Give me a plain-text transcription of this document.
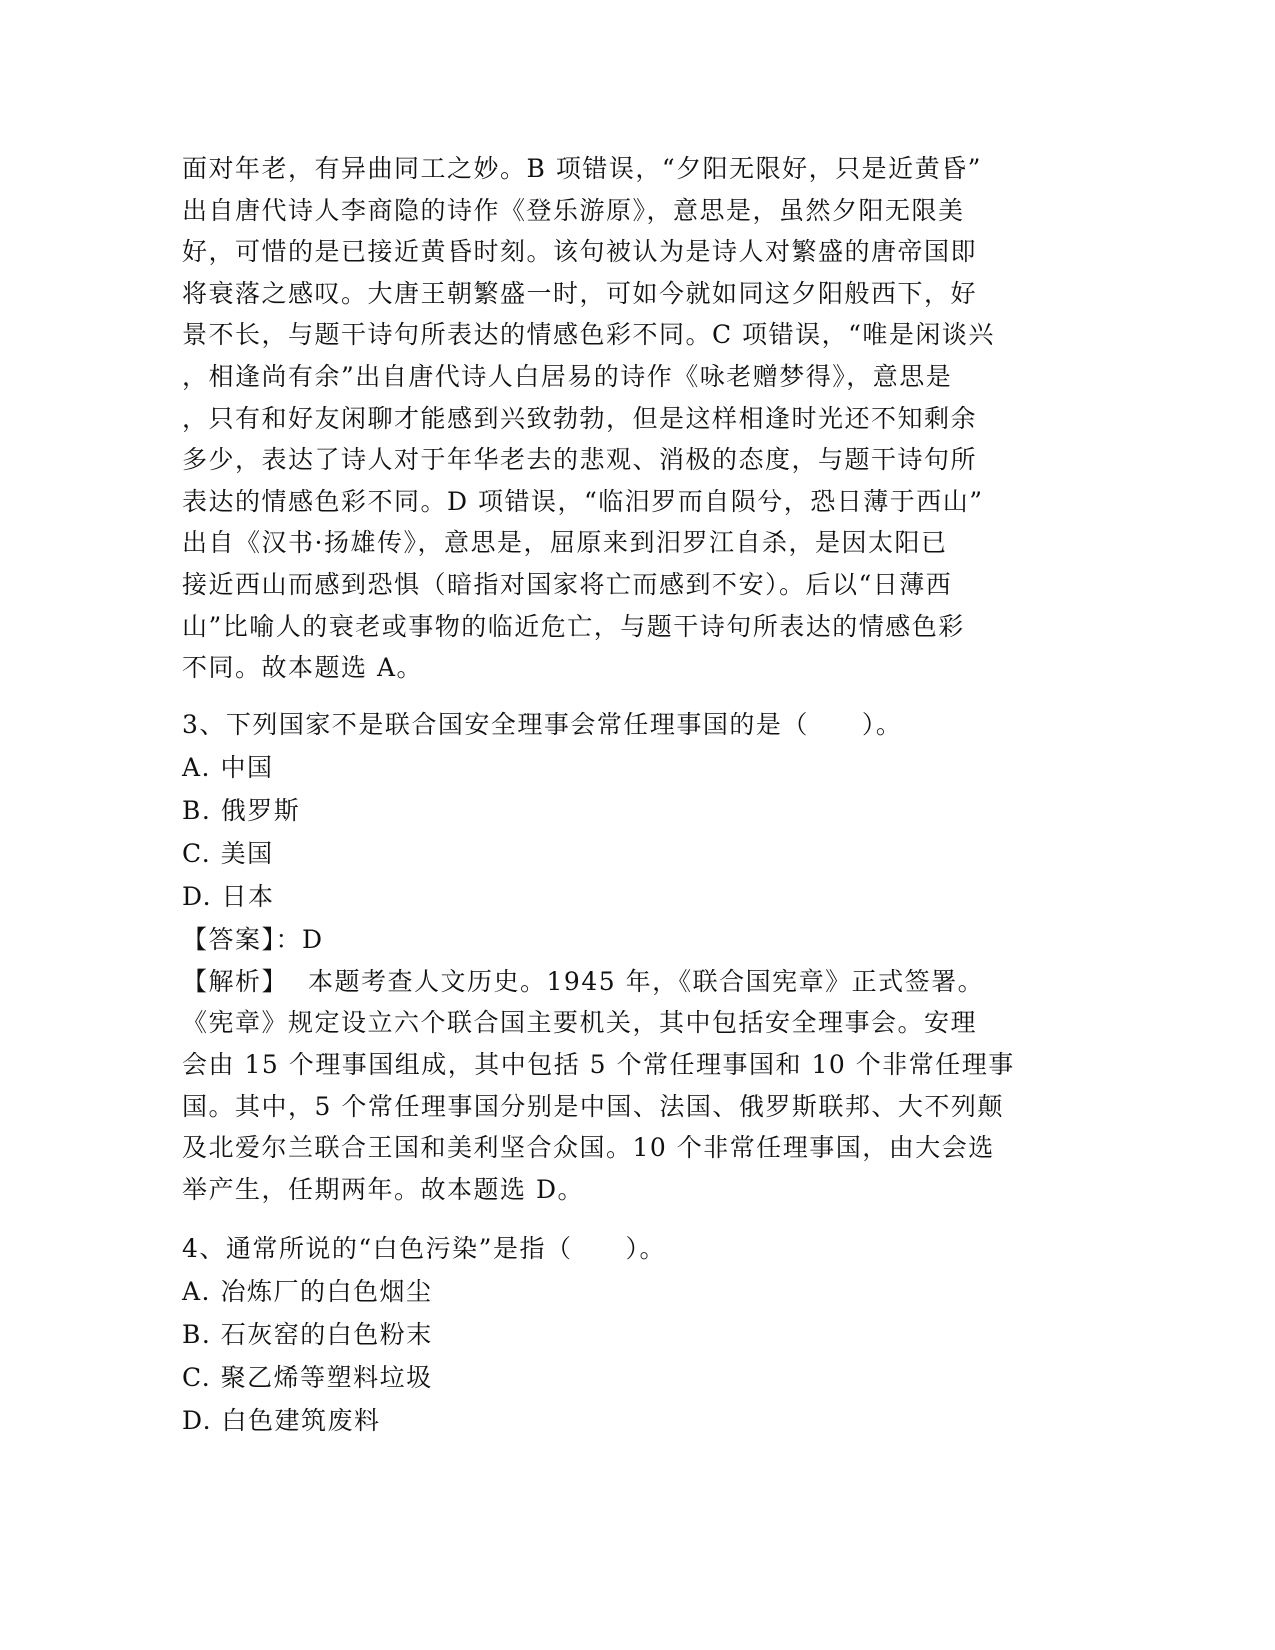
面对年老，有异曲同工之妙。B 项错误，“夕阳无限好，只是近黄昏”
出自唐代诗人李商隐的诗作《登乐游原》，意思是，虽然夕阳无限美
好，可惜的是已接近黄昏时刻。该句被认为是诗人对繁盛的唐帝国即
将衰落之感叹。大唐王朝繁盛一时，可如今就如同这夕阳般西下，好
景不长，与题干诗句所表达的情感色彩不同。C 项错误，“唯是闲谈兴
，相逢尚有余”出自唐代诗人白居易的诗作《咏老赠梦得》，意思是
，只有和好友闲聊才能感到兴致勃勃，但是这样相逢时光还不知剩余
多少，表达了诗人对于年华老去的悲观、消极的态度，与题干诗句所
表达的情感色彩不同。D 项错误，“临汨罗而自陨兮，恐日薄于西山”
出自《汉书·扬雄传》，意思是，屈原来到汨罗江自杀，是因太阳已
接近西山而感到恐惧（暗指对国家将亡而感到不安）。后以“日薄西
山”比喻人的衰老或事物的临近危亡，与题干诗句所表达的情感色彩
不同。故本题选 A。

3、下列国家不是联合国安全理事会常任理事国的是（　　）。

A. 中国

B. 俄罗斯

C. 美国

D. 日本

【答案】：D

【解析】 本题考查人文历史。1945 年，《联合国宪章》正式签署。
《宪章》规定设立六个联合国主要机关，其中包括安全理事会。安理
会由 15 个理事国组成，其中包括 5 个常任理事国和 10 个非常任理事
国。其中，5 个常任理事国分别是中国、法国、俄罗斯联邦、大不列颠
及北爱尔兰联合王国和美利坚合众国。10 个非常任理事国，由大会选
举产生，任期两年。故本题选 D。

4、通常所说的“白色污染”是指（　　）。

A. 冶炼厂的白色烟尘

B. 石灰窑的白色粉末

C. 聚乙烯等塑料垃圾

D. 白色建筑废料
